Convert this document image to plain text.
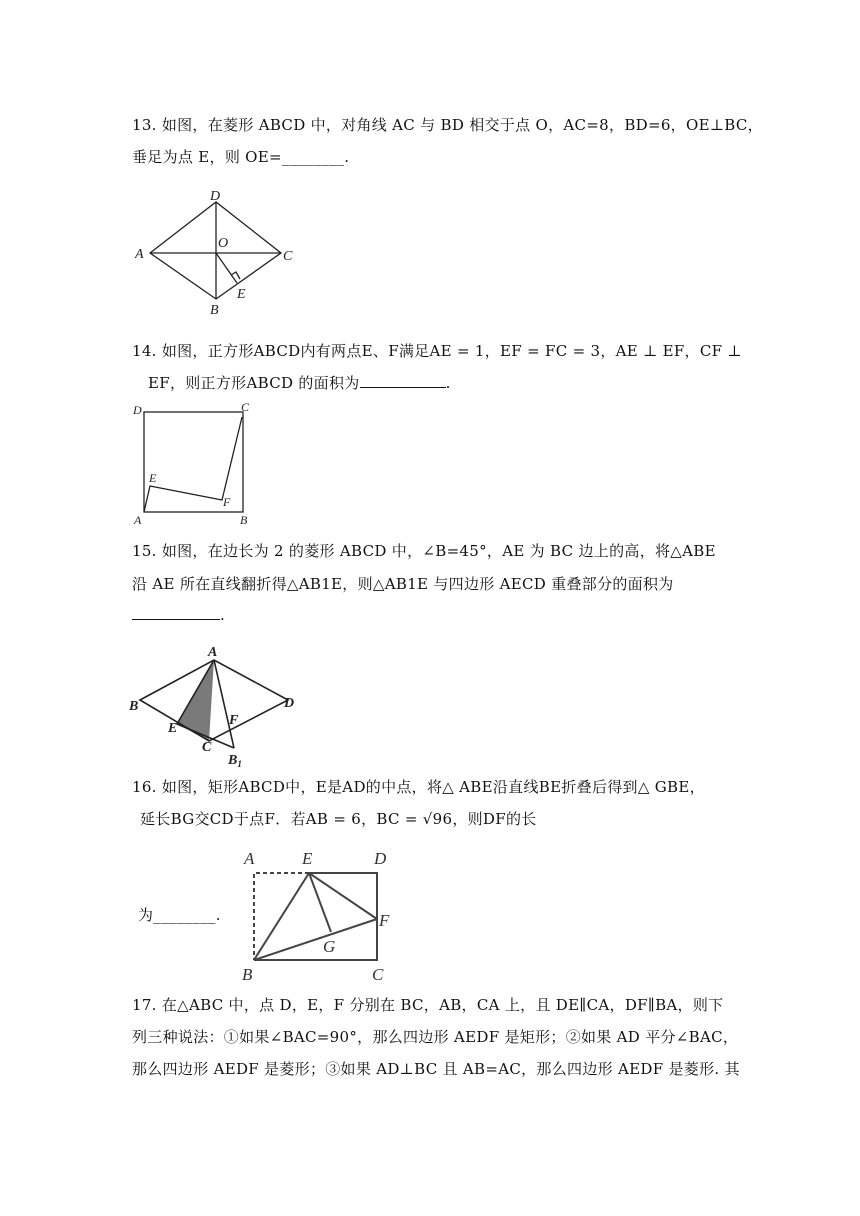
13. 如图，在菱形 ABCD 中，对角线 AC 与 BD 相交于点 O，AC=8，BD=6，OE⊥BC，
垂足为点 E，则 OE=________.
D
A
O
C
E
B
14. 如图，正方形ABCD内有两点E、F满足AE = 1，EF = FC = 3，AE ⊥ EF，CF ⊥
EF，则正方形ABCD 的面积为	.
D	C
E
F
A	B
15. 如图，在边长为 2 的菱形 ABCD 中，∠B=45°，AE 为 BC 边上的高，将△ABE
沿 AE 所在直线翻折得△AB1E，则△AB1E 与四边形 AECD 重叠部分的面积为
.
A
B
E
F
D
C
$B_1$
16. 如图，矩形ABCD中，E是AD的中点，将△ ABE沿直线BE折叠后得到△ GBE，
延长BG交CD于点F．若AB = 6，BC = √96，则DF的长
为________.
A	E	D
F
G
B	C
17. 在△ABC 中，点 D，E，F 分别在 BC，AB，CA 上，且 DE∥CA，DF∥BA，则下
列三种说法：①如果∠BAC=90°，那么四边形 AEDF 是矩形；②如果 AD 平分∠BAC，
那么四边形 AEDF 是菱形；③如果 AD⊥BC 且 AB=AC，那么四边形 AEDF 是菱形. 其
